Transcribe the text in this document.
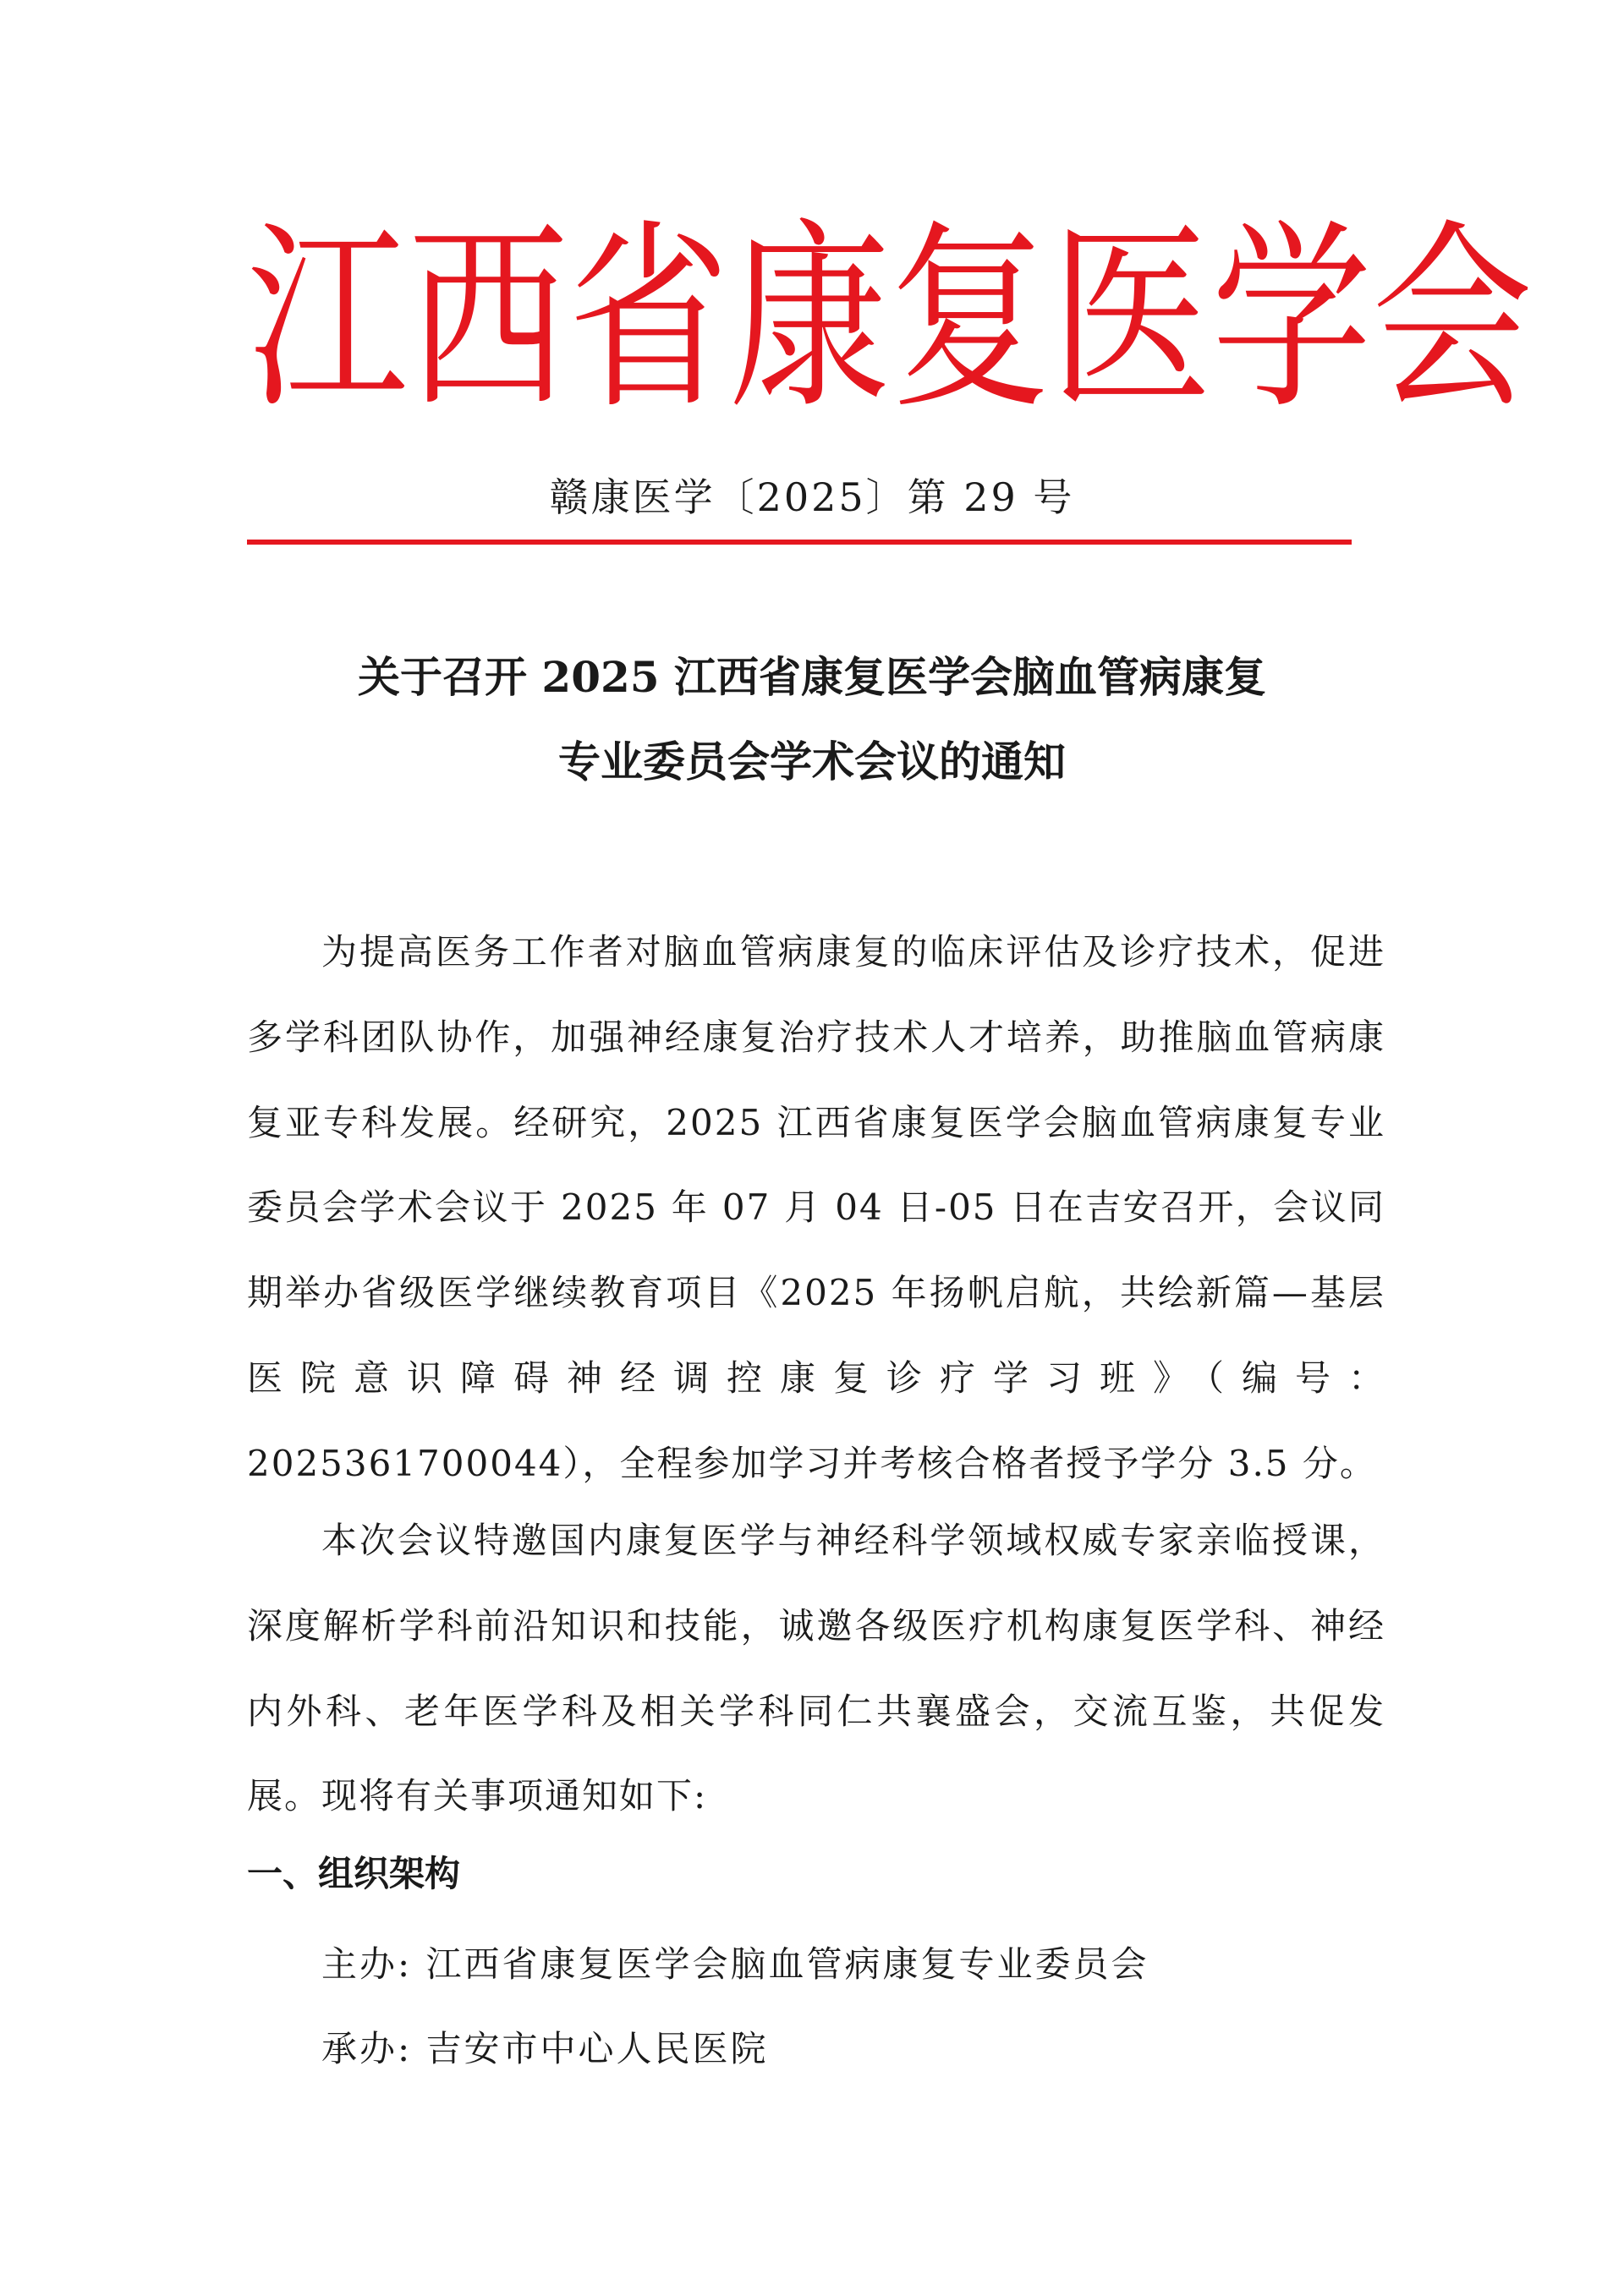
江 西 省 康 复 医 学 会
赣康医学〔2025〕第 29 号
关于召开 2025 江西省康复医学会脑血管病康复
专业委员会学术会议的通知

为提高医务工作者对脑血管病康复的临床评估及诊疗技术，促进多学科团队协作，加强神经康复治疗技术人才培养，助推脑血管病康复亚专科发展。经研究，2025 江西省康复医学会脑血管病康复专业委员会学术会议于 2025 年 07 月 04 日-05 日在吉安召开，会议同期举办省级医学继续教育项目《2025 年扬帆启航，共绘新篇—基层医院意识障碍神经调控康复诊疗学习班》（编号：2025361700044），全程参加学习并考核合格者授予学分 3.5 分。

本次会议特邀国内康复医学与神经科学领域权威专家亲临授课，深度解析学科前沿知识和技能，诚邀各级医疗机构康复医学科、神经内外科、老年医学科及相关学科同仁共襄盛会，交流互鉴，共促发展。现将有关事项通知如下:

一、组织架构
主办: 江西省康复医学会脑血管病康复专业委员会
承办: 吉安市中心人民医院
